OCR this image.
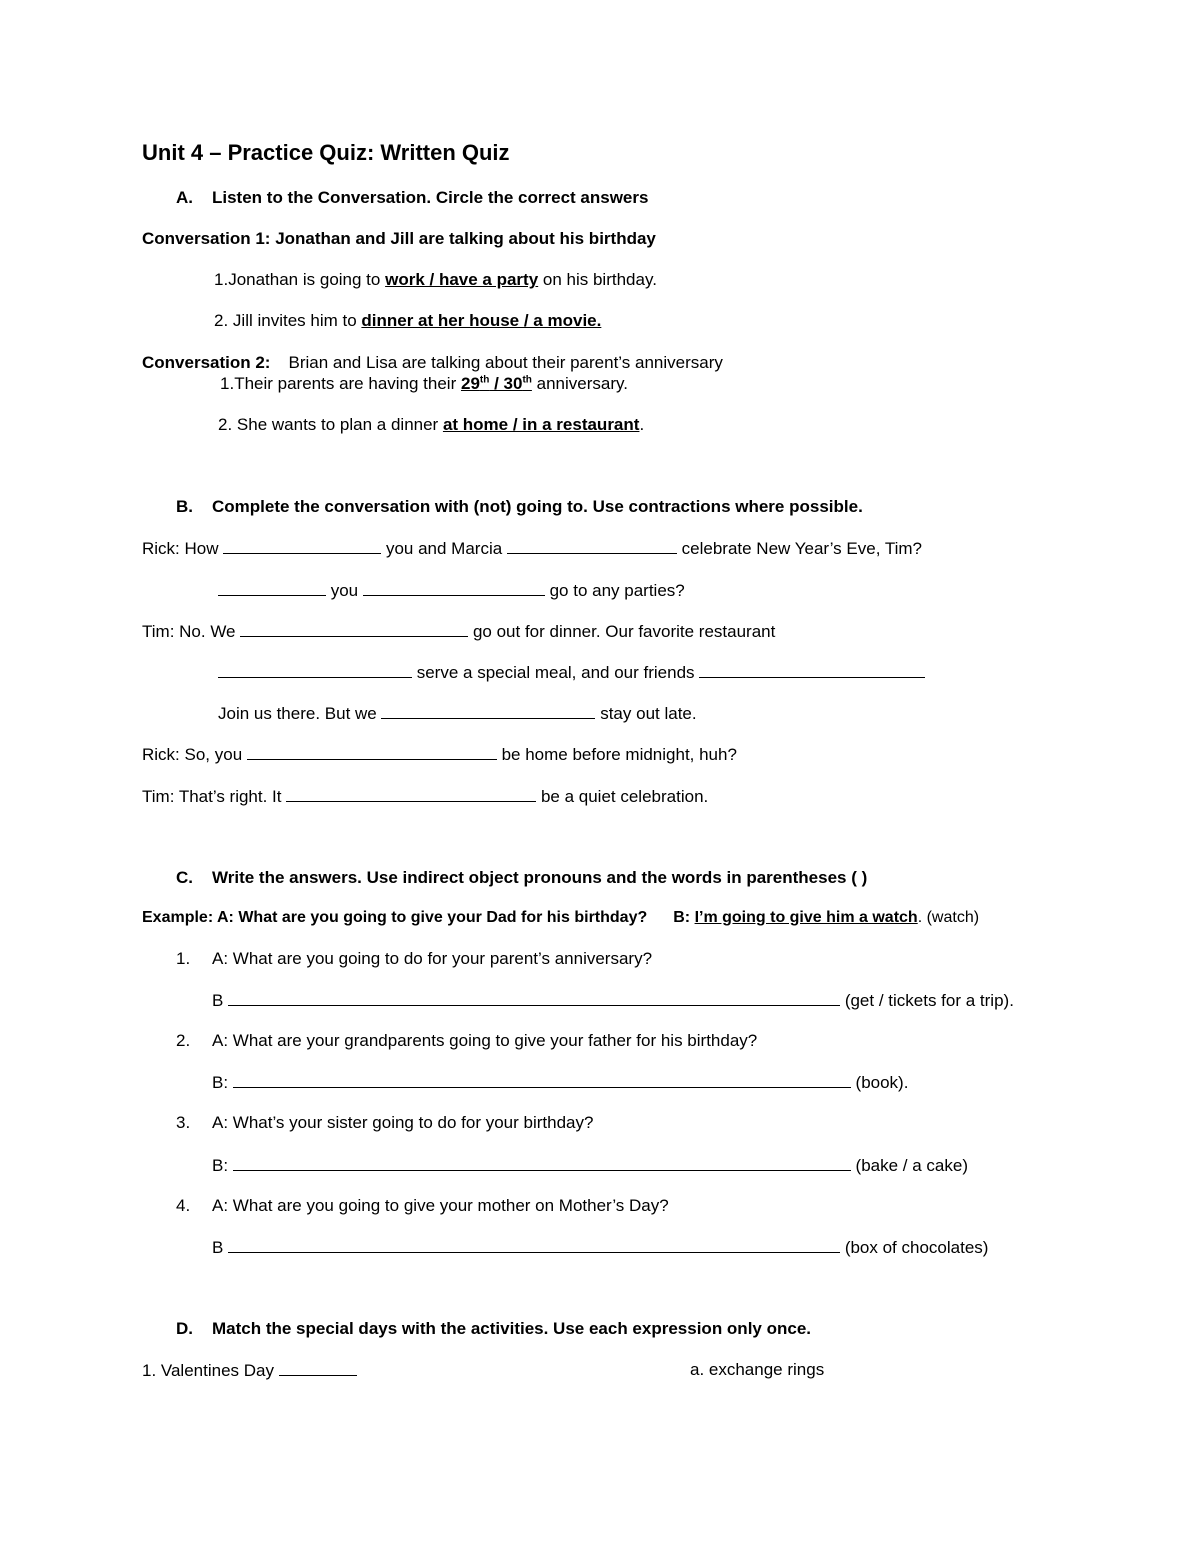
Unit 4 – Practice Quiz: Written Quiz
A. Listen to the Conversation. Circle the correct answers
Conversation 1: Jonathan and Jill are talking about his birthday
1.Jonathan is going to work / have a party on his birthday.
2. Jill invites him to dinner at her house / a movie.
Conversation 2: Brian and Lisa are talking about their parent’s anniversary
1.Their parents are having their 29th / 30th anniversary.
2. She wants to plan a dinner at home / in a restaurant.
B. Complete the conversation with (not) going to. Use contractions where possible.
Rick: How	you and Marcia	celebrate New Year’s Eve, Tim?
you	go to any parties?
Tim: No. We	go out for dinner. Our favorite restaurant
serve a special meal, and our friends
Join us there. But we	stay out late.
Rick: So, you	be home before midnight, huh?
Tim: That’s right. It	be a quiet celebration.
C. Write the answers. Use indirect object pronouns and the words in parentheses ( )
Example: A: What are you going to give your Dad for his birthday? B: I’m going to give him a watch. (watch)
1. A: What are you going to do for your parent’s anniversary?
B	(get / tickets for a trip).
2. A: What are your grandparents going to give your father for his birthday?
B:	(book).
3. A: What’s your sister going to do for your birthday?
B:	(bake / a cake)
4. A: What are you going to give your mother on Mother’s Day?
B	(box of chocolates)
D. Match the special days with the activities. Use each expression only once.
1. Valentines Day	a. exchange rings
